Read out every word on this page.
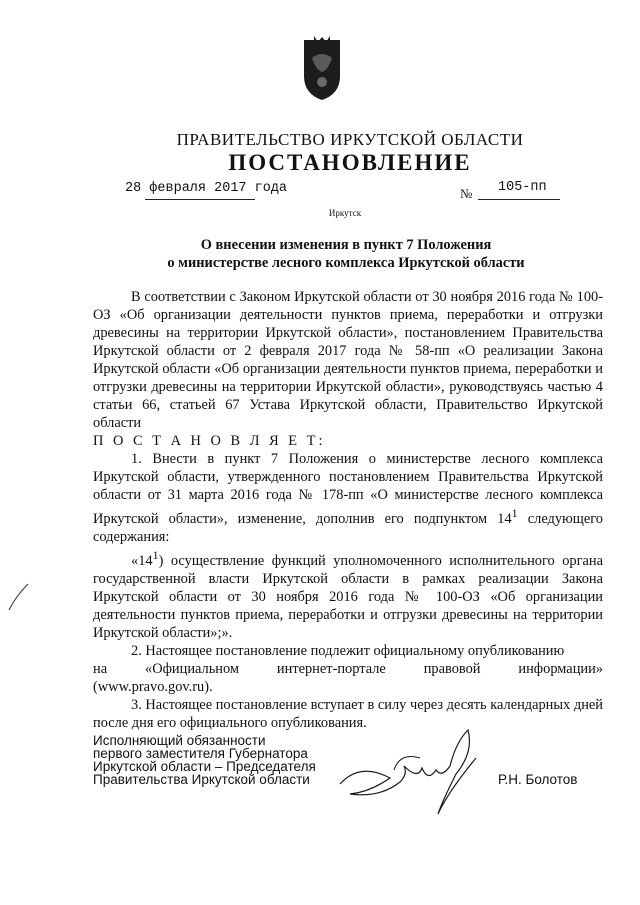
ПРАВИТЕЛЬСТВО ИРКУТСКОЙ ОБЛАСТИ
ПОСТАНОВЛЕНИЕ
28 февраля 2017 года	№ 105-пп
Иркутск
О внесении изменения в пункт 7 Положения
о министерстве лесного комплекса Иркутской области

В соответствии с Законом Иркутской области от 30 ноября 2016 года № 100-ОЗ «Об организации деятельности пунктов приема, переработки и отгрузки древесины на территории Иркутской области», постановлением Правительства Иркутской области от 2 февраля 2017 года № 58-пп «О реализации Закона Иркутской области «Об организации деятельности пунктов приема, переработки и отгрузки древесины на территории Иркутской области», руководствуясь частью 4 статьи 66, статьей 67 Устава Иркутской области, Правительство Иркутской области

П О С Т А Н О В Л Я Е Т:

1. Внести в пункт 7 Положения о министерстве лесного комплекса Иркутской области, утвержденного постановлением Правительства Иркутской области от 31 марта 2016 года № 178-пп «О министерстве лесного комплекса Иркутской области», изменение, дополнив его подпунктом $14^1$ следующего содержания:

«$14^1$) осуществление функций уполномоченного исполнительного органа государственной власти Иркутской области в рамках реализации Закона Иркутской области от 30 ноября 2016 года № 100-ОЗ «Об организации деятельности пунктов приема, переработки и отгрузки древесины на территории Иркутской области»;».

2. Настоящее постановление подлежит официальному опубликованию
на «Официальном интернет-портале правовой информации»
(www.pravo.gov.ru).

3. Настоящее постановление вступает в силу через десять календарных дней после дня его официального опубликования.

Исполняющий обязанности
первого заместителя Губернатора
Иркутской области – Председателя
Правительства Иркутской области	Р.Н. Болотов
